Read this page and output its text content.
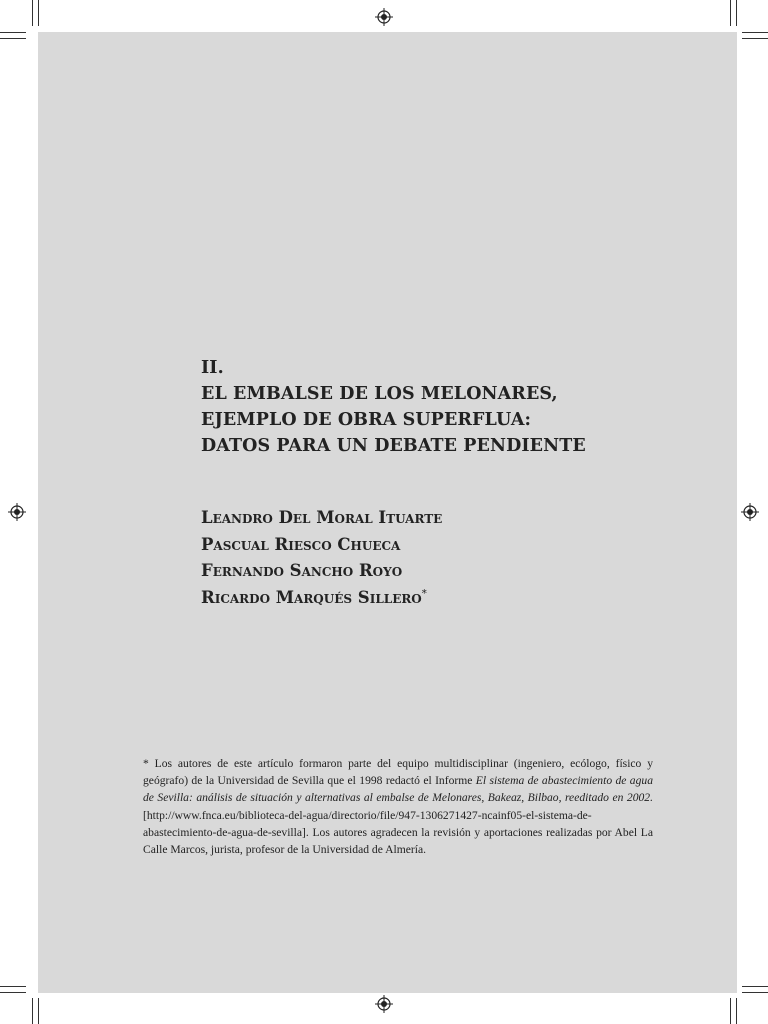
II.
EL EMBALSE DE LOS MELONARES,
EJEMPLO DE OBRA SUPERFLUA:
DATOS PARA UN DEBATE PENDIENTE
Leandro Del Moral Ituarte
Pascual Riesco Chueca
Fernando Sancho Royo
Ricardo Marqués Sillero*
* Los autores de este artículo formaron parte del equipo multidisciplinar (ingeniero, ecólogo, físico y geógrafo) de la Universidad de Sevilla que el 1998 redactó el Informe El sistema de abastecimiento de agua de Sevilla: análisis de situación y alternativas al embalse de Melonares, Bakeaz, Bilbao, reeditado en 2002. [http://www.fnca.eu/biblioteca-del-agua/directorio/file/947-1306271427-ncainf05-el-sistema-de-abastecimiento-de-agua-de-sevilla]. Los autores agradecen la revisión y aportaciones realizadas por Abel La Calle Marcos, jurista, profesor de la Universidad de Almería.
